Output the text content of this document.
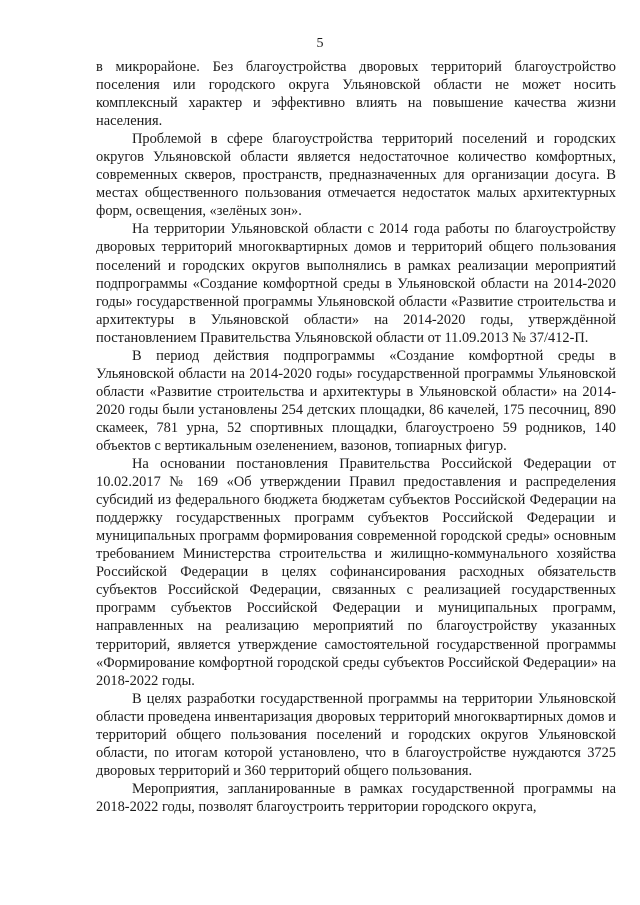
5

в микрорайоне. Без благоустройства дворовых территорий благоустройство поселения или городского округа Ульяновской области не может носить комплексный характер и эффективно влиять на повышение качества жизни населения.

Проблемой в сфере благоустройства территорий поселений и городских округов Ульяновской области является недостаточное количество комфортных, современных скверов, пространств, предназначенных для организации досуга. В местах общественного пользования отмечается недостаток малых архитектурных форм, освещения, «зелёных зон».

На территории Ульяновской области с 2014 года работы по благоустройству дворовых территорий многоквартирных домов и территорий общего пользования поселений и городских округов выполнялись в рамках реализации мероприятий подпрограммы «Создание комфортной среды в Ульяновской области на 2014-2020 годы» государственной программы Ульяновской области «Развитие строительства и архитектуры в Ульяновской области» на 2014-2020 годы, утверждённой постановлением Правительства Ульяновской области от 11.09.2013 № 37/412-П.

В период действия подпрограммы «Создание комфортной среды в Ульяновской области на 2014-2020 годы» государственной программы Ульяновской области «Развитие строительства и архитектуры в Ульяновской области» на 2014-2020 годы были установлены 254 детских площадки, 86 качелей, 175 песочниц, 890 скамеек, 781 урна, 52 спортивных площадки, благоустроено 59 родников, 140 объектов с вертикальным озеленением, вазонов, топиарных фигур.

На основании постановления Правительства Российской Федерации от 10.02.2017 № 169 «Об утверждении Правил предоставления и распределения субсидий из федерального бюджета бюджетам субъектов Российской Федерации на поддержку государственных программ субъектов Российской Федерации и муниципальных программ формирования современной городской среды» основным требованием Министерства строительства и жилищно-коммунального хозяйства Российской Федерации в целях софинансирования расходных обязательств субъектов Российской Федерации, связанных с реализацией государственных программ субъектов Российской Федерации и муниципальных программ, направленных на реализацию мероприятий по благоустройству указанных территорий, является утверждение самостоятельной государственной программы «Формирование комфортной городской среды субъектов Российской Федерации» на 2018-2022 годы.

В целях разработки государственной программы на территории Ульяновской области проведена инвентаризация дворовых территорий многоквартирных домов и территорий общего пользования поселений и городских округов Ульяновской области, по итогам которой установлено, что в благоустройстве нуждаются 3725 дворовых территорий и 360 территорий общего пользования.

Мероприятия, запланированные в рамках государственной программы на 2018-2022 годы, позволят благоустроить территории городского округа,
